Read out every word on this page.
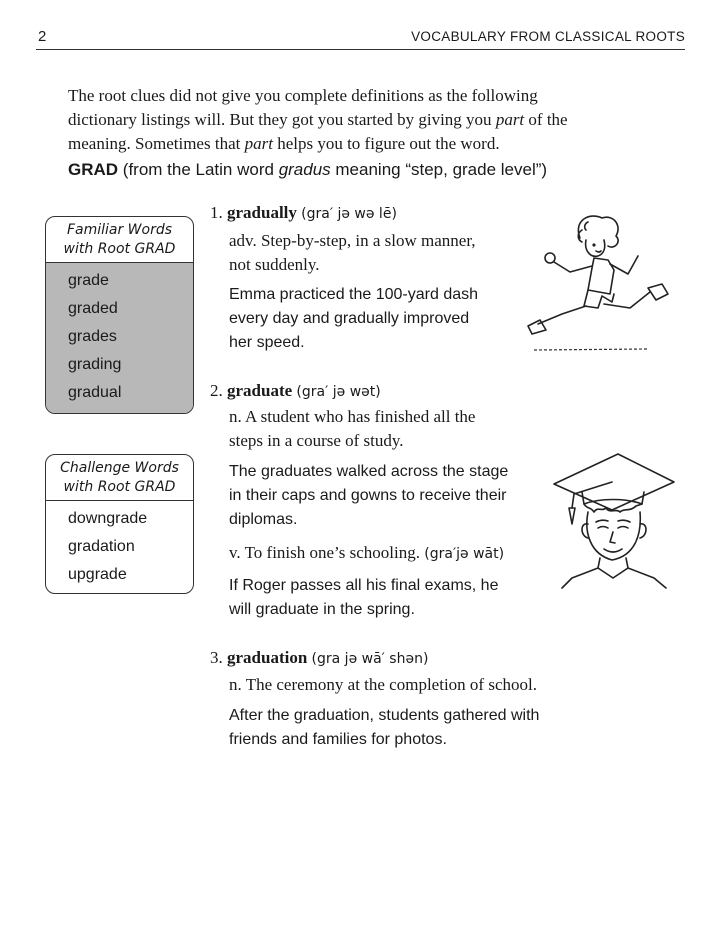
2	VOCABULARY FROM CLASSICAL ROOTS
The root clues did not give you complete definitions as the following
dictionary listings will. But they got you started by giving you part of the
meaning. Sometimes that part helps you to figure out the word.
GRAD (from the Latin word gradus meaning “step, grade level”)
Familiar Words
with Root GRAD
grade
graded
grades
grading
gradual
Challenge Words
with Root GRAD
downgrade
gradation
upgrade
1. gradually (gra′ jə wə lē)
adv. Step-by-step, in a slow manner,
not suddenly.
Emma practiced the 100-yard dash
every day and gradually improved
her speed.
2. graduate (gra′ jə wət)
n. A student who has finished all the
steps in a course of study.
The graduates walked across the stage
in their caps and gowns to receive their
diplomas.
v. To finish one’s schooling. (gra′jə wāt)
If Roger passes all his final exams, he
will graduate in the spring.
3. graduation (gra jə wā′ shən)
n. The ceremony at the completion of school.
After the graduation, students gathered with
friends and families for photos.
